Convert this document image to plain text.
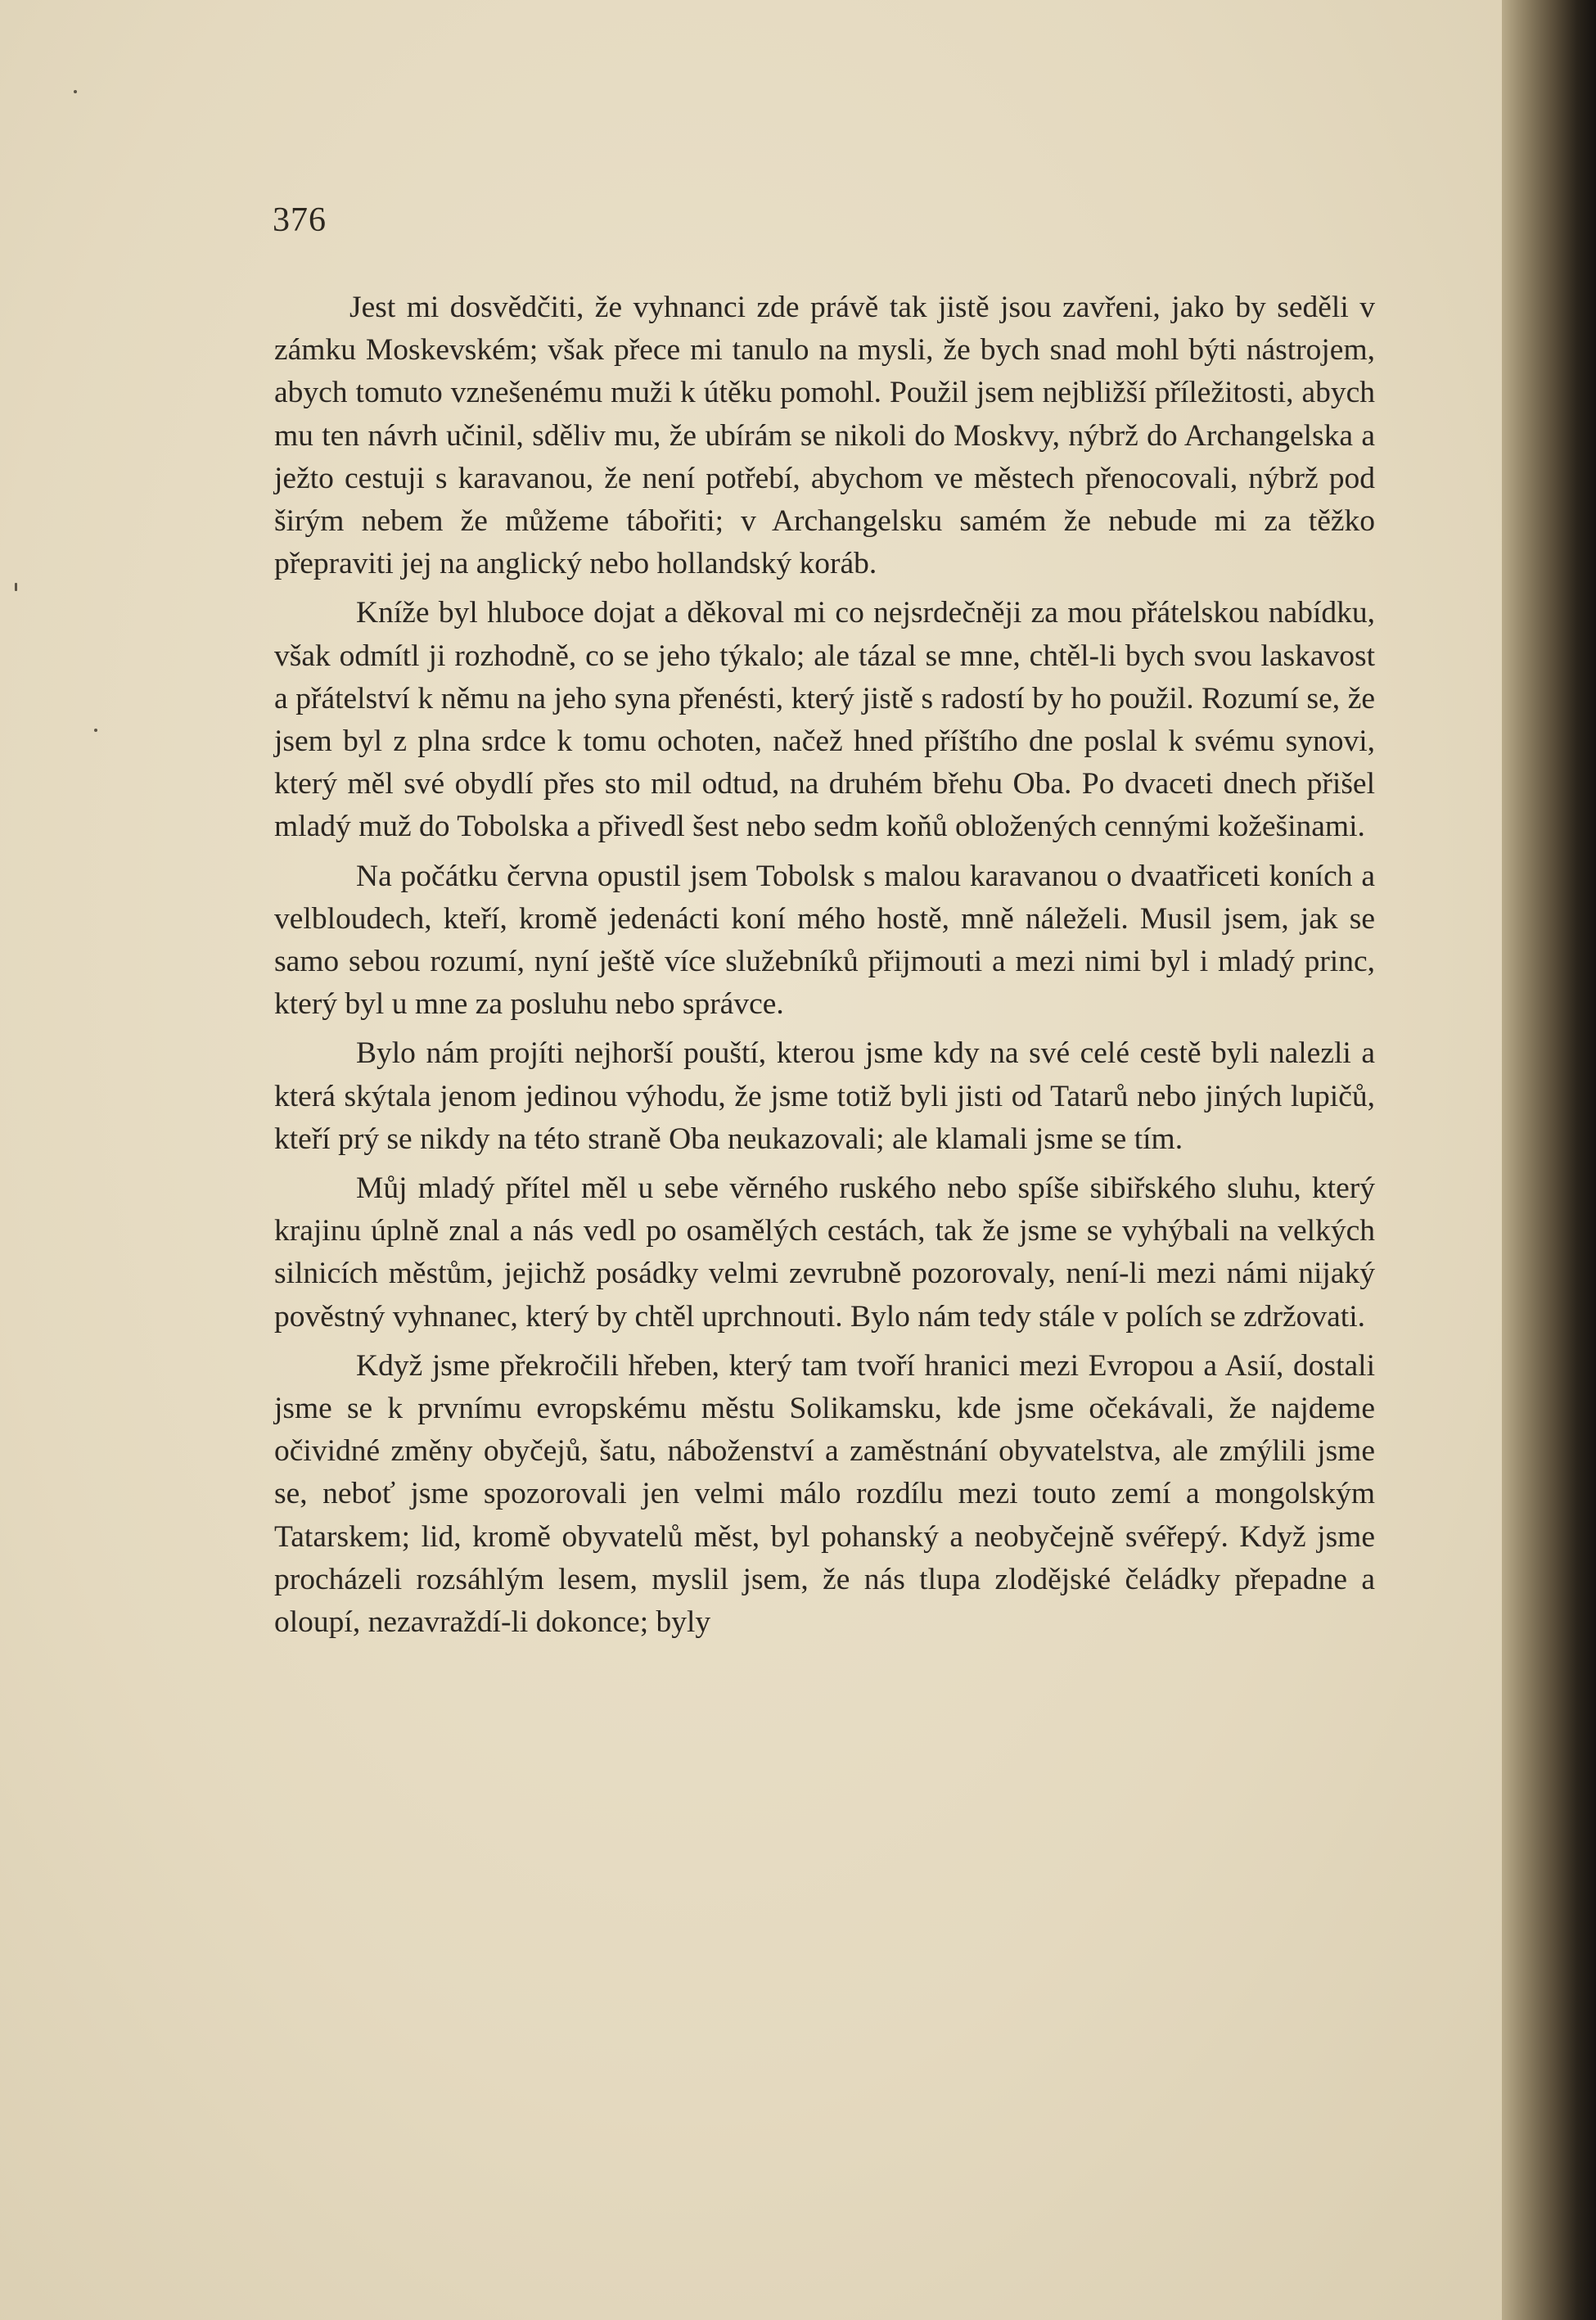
376

Jest mi dosvědčiti, že vyhnanci zde právě tak jistě jsou zavřeni, jako by seděli v zámku Moskevském; však přece mi tanulo na mysli, že bych snad mohl býti nástrojem, abych tomuto vznešenému muži k útěku pomohl. Použil jsem nejbližší příležitosti, abych mu ten návrh učinil, sděliv mu, že ubírám se nikoli do Moskvy, nýbrž do Archangelska a ježto cestuji s karavanou, že není potřebí, abychom ve městech přenocovali, nýbrž pod širým nebem že můžeme tábořiti; v Archangelsku samém že nebude mi za těžko přepraviti jej na anglický nebo hollandský koráb.

Kníže byl hluboce dojat a děkoval mi co nejsrdečněji za mou přátelskou nabídku, však odmítl ji rozhodně, co se jeho týkalo; ale tázal se mne, chtěl-li bych svou laskavost a přátelství k němu na jeho syna přenésti, který jistě s radostí by ho použil. Rozumí se, že jsem byl z plna srdce k tomu ochoten, načež hned příštího dne poslal k svému synovi, který měl své obydlí přes sto mil odtud, na druhém břehu Oba. Po dvaceti dnech přišel mladý muž do Tobolska a přivedl šest nebo sedm koňů obložených cennými kožešinami.

Na počátku června opustil jsem Tobolsk s malou karavanou o dvaatřiceti koních a velbloudech, kteří, kromě jedenácti koní mého hostě, mně náleželi. Musil jsem, jak se samo sebou rozumí, nyní ještě více služebníků přijmouti a mezi nimi byl i mladý princ, který byl u mne za posluhu nebo správce.

Bylo nám projíti nejhorší pouští, kterou jsme kdy na své celé cestě byli nalezli a která skýtala jenom jedinou výhodu, že jsme totiž byli jisti od Tatarů nebo jiných lupičů, kteří prý se nikdy na této straně Oba neukazovali; ale klamali jsme se tím.

Můj mladý přítel měl u sebe věrného ruského nebo spíše sibiřského sluhu, který krajinu úplně znal a nás vedl po osamělých cestách, tak že jsme se vyhýbali na velkých silnicích městům, jejichž posádky velmi zevrubně pozorovaly, není-li mezi námi nijaký pověstný vyhnanec, který by chtěl uprchnouti. Bylo nám tedy stále v polích se zdržovati.

Když jsme překročili hřeben, který tam tvoří hranici mezi Evropou a Asií, dostali jsme se k prvnímu evropskému městu Solikamsku, kde jsme očekávali, že najdeme očividné změny obyčejů, šatu, náboženství a zaměstnání obyvatelstva, ale zmýlili jsme se, neboť jsme spozorovali jen velmi málo rozdílu mezi touto zemí a mongolským Tatarskem; lid, kromě obyvatelů měst, byl pohanský a neobyčejně svéřepý. Když jsme procházeli rozsáhlým lesem, myslil jsem, že nás tlupa zlodějské čeládky přepadne a oloupí, nezavraždí-li dokonce; byly
